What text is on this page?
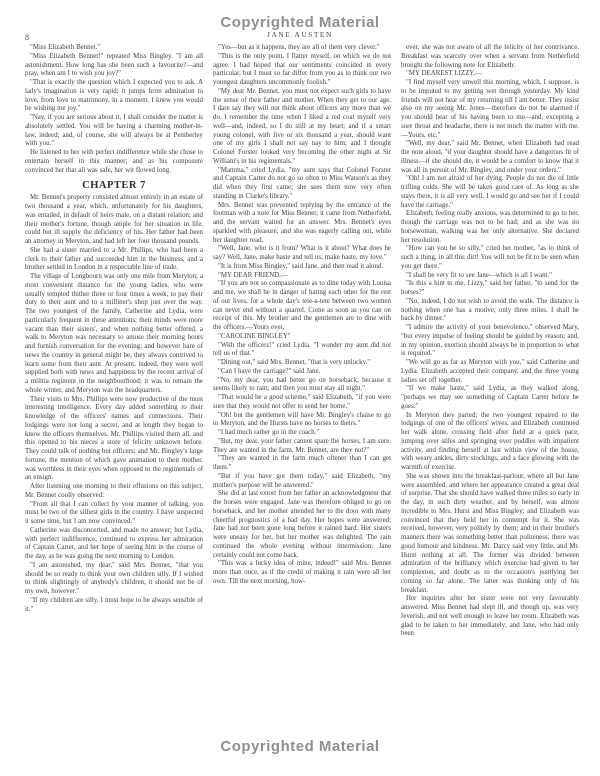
Copyrighted Material
JANE AUSTEN
8

"Miss Elizabeth Bennet."

"Miss Elizabeth Bennet!" repeated Miss Bingley. "I am all astonishment. How long has she been such a favourite?—and pray, when am I to wish you joy?"

"That is exactly the question which I expected you to ask. A lady's imagination is very rapid; it jumps from admiration to love, from love to matrimony, in a moment. I knew you would be wishing me joy."

"Nay, if you are serious about it, I shall consider the matter is absolutely settled. You will be having a charming mother-in-law, indeed; and, of course, she will always be at Pemberley with you."

He listened to her with perfect indifference while she chose to entertain herself in this manner; and as his composure convinced her that all was safe, her wit flowed long.

CHAPTER 7

Mr. Bennet's property consisted almost entirely in an estate of two thousand a year, which, unfortunately for his daughters, was entailed, in default of heirs male, on a distant relation; and their mother's fortune, though ample for her situation in life, could but ill supply the deficiency of his. Her father had been an attorney in Meryton, and had left her four thousand pounds.

She had a sister married to a Mr. Phillips, who had been a clerk to their father and succeeded him in the business, and a brother settled in London in a respectable line of trade.

The village of Longbourn was only one mile from Meryton; a most convenient distance for the young ladies, who were usually tempted thither three or four times a week, to pay their duty to their aunt and to a milliner's shop just over the way. The two youngest of the family, Catherine and Lydia, were particularly frequent in these attentions; their minds were more vacant than their sisters', and when nothing better offered, a walk to Meryton was necessary to amuse their morning hours and furnish conversation for the evening; and however bare of news the country in general might be, they always contrived to learn some from their aunt. At present, indeed, they were well supplied both with news and happiness by the recent arrival of a militia regiment in the neighbourhood; it was to remain the whole winter, and Meryton was the headquarters.

Their visits to Mrs. Phillips were now productive of the most interesting intelligence. Every day added something to their knowledge of the officers' names and connections. Their lodgings were not long a secret, and at length they began to know the officers themselves. Mr. Phillips visited them all, and this opened to his nieces a store of felicity unknown before. They could talk of nothing but officers; and Mr. Bingley's large fortune, the mention of which gave animation to their mother, was worthless in their eyes when opposed to the regimentals of an ensign.

After listening one morning to their effusions on this subject, Mr. Bennet coolly observed:

"From all that I can collect by your manner of talking, you must be two of the silliest girls in the country. I have suspected it some time, but I am now convinced."

Catherine was disconcerted, and made no answer; but Lydia, with perfect indifference, continued to express her admiration of Captain Carter, and her hope of seeing him in the course of the day, as he was going the next morning to London.

"I am astonished, my dear," said Mrs. Bennet, "that you should be so ready to think your own children silly. If I wished to think slightingly of anybody's children, it should not be of my own, however."

"If my children are silly, I must hope to be always sensible of it."

"Yes—but as it happens, they are all of them very clever."

"This is the only point, I flatter myself, on which we do not agree. I had hoped that our sentiments coincided in every particular, but I must so far differ from you as to think our two youngest daughters uncommonly foolish."

"My dear Mr. Bennet, you must not expect such girls to have the sense of their father and mother. When they get to our age, I dare say they will not think about officers any more than we do. I remember the time when I liked a red coat myself very well—and, indeed, so I do still at my heart; and if a smart young colonel, with five or six thousand a year, should want one of my girls I shall not say nay to him; and I thought Colonel Forster looked very becoming the other night at Sir William's in his regimentals."

"Mamma," cried Lydia, "my aunt says that Colonel Forster and Captain Carter do not go so often to Miss Watson's as they did when they first came; she sees them now very often standing in Clarke's library."

Mrs. Bennet was prevented replying by the entrance of the footman with a note for Miss Bennet; it came from Netherfield, and the servant waited for an answer. Mrs. Bennet's eyes sparkled with pleasure, and she was eagerly calling out, while her daughter read,

"Well, Jane, who is it from? What is it about? What does he say? Well, Jane, make haste and tell us; make haste, my love."

"It is from Miss Bingley," said Jane, and then read it aloud.

"MY DEAR FRIEND,—

"If you are not so compassionate as to dine today with Louisa and me, we shall be in danger of hating each other for the rest of our lives, for a whole day's tete-a-tete between two women can never end without a quarrel. Come as soon as you can on receipt of this. My brother and the gentlemen are to dine with the officers.—Yours ever,

"CAROLINE BINGLEY"

"With the officers!" cried Lydia. "I wonder my aunt did not tell us of that."

"Dining out," said Mrs. Bennet, "that is very unlucky."

"Can I have the carriage?" said Jane.

"No, my dear, you had better go on horseback, because it seems likely to rain; and then you must stay all night."

"That would be a good scheme," said Elizabeth, "if you were sure that they would not offer to send her home."

"Oh! but the gentlemen will have Mr. Bingley's chaise to go to Meryton, and the Hursts have no horses to theirs."

"I had much rather go in the coach."

"But, my dear, your father cannot spare the horses, I am sure. They are wanted in the farm, Mr. Bennet, are they not?"

"They are wanted in the farm much oftener than I can get them."

"But if you have got them today," said Elizabeth, "my mother's purpose will be answered."

She did at last extort from her father an acknowledgment that the horses were engaged. Jane was therefore obliged to go on horseback, and her mother attended her to the door with many cheerful prognostics of a bad day. Her hopes were answered; Jane had not been gone long before it rained hard. Her sisters were uneasy for her, but her mother was delighted. The rain continued the whole evening without intermission; Jane certainly could not come back.

"This was a lucky idea of mine, indeed!" said Mrs. Bennet more than once, as if the credit of making it rain were all her own. Till the next morning, how-

ever, she was not aware of all the felicity of her contrivance. Breakfast was scarcely over when a servant from Netherfield brought the following note for Elizabeth:

"MY DEAREST LIZZY,—

"I find myself very unwell this morning, which, I suppose, is to be imputed to my getting wet through yesterday. My kind friends will not hear of my returning till I am better. They insist also on my seeing Mr. Jones—therefore do not be alarmed if you should hear of his having been to me—and, excepting a sore throat and headache, there is not much the matter with me.—Yours, etc."

"Well, my dear," said Mr. Bennet, when Elizabeth had read the note aloud, "if your daughter should have a dangerous fit of illness—if she should die, it would be a comfort to know that it was all in pursuit of Mr. Bingley, and under your orders."

"Oh! I am not afraid of her dying. People do not die of little trifling colds. She will be taken good care of. As long as she stays there, it is all very well. I would go and see her if I could have the carriage."

Elizabeth, feeling really anxious, was determined to go to her, though the carriage was not to be had; and as she was no horsewoman, walking was her only alternative. She declared her resolution.

"How can you be so silly," cried her mother, "as to think of such a thing, in all this dirt! You will not be fit to be seen when you get there."

"I shall be very fit to see Jane—which is all I want."

"Is this a hint to me, Lizzy," said her father, "to send for the horses?"

"No, indeed, I do not wish to avoid the walk. The distance is nothing when one has a motive; only three miles. I shall be back by dinner."

"I admire the activity of your benevolence," observed Mary, "but every impulse of feeling should be guided by reason; and, in my opinion, exertion should always be in proportion to what is required."

"We will go as far as Meryton with you," said Catherine and Lydia. Elizabeth accepted their company, and the three young ladies set off together.

"If we make haste," said Lydia, as they walked along, "perhaps we may see something of Captain Carter before he goes."

In Meryton they parted; the two youngest repaired to the lodgings of one of the officers' wives, and Elizabeth continued her walk alone, crossing field after field at a quick pace, jumping over stiles and springing over puddles with impatient activity, and finding herself at last within view of the house, with weary ankles, dirty stockings, and a face glowing with the warmth of exercise.

She was shown into the breakfast-parlour, where all but Jane were assembled, and where her appearance created a great deal of surprise. That she should have walked three miles so early in the day, in such dirty weather, and by herself, was almost incredible to Mrs. Hurst and Miss Bingley; and Elizabeth was convinced that they held her in contempt for it. She was received, however, very politely by them; and in their brother's manners there was something better than politeness; there was good humour and kindness. Mr. Darcy said very little, and Mr. Hurst nothing at all. The former was divided between admiration of the brilliancy which exercise had given to her complexion, and doubt as to the occasion's justifying her coming so far alone. The latter was thinking only of his breakfast.

Her inquiries after her sister were not very favourably answered. Miss Bennet had slept ill, and though up, was very feverish, and not well enough to leave her room. Elizabeth was glad to be taken to her immediately; and Jane, who had only been

Copyrighted Material
